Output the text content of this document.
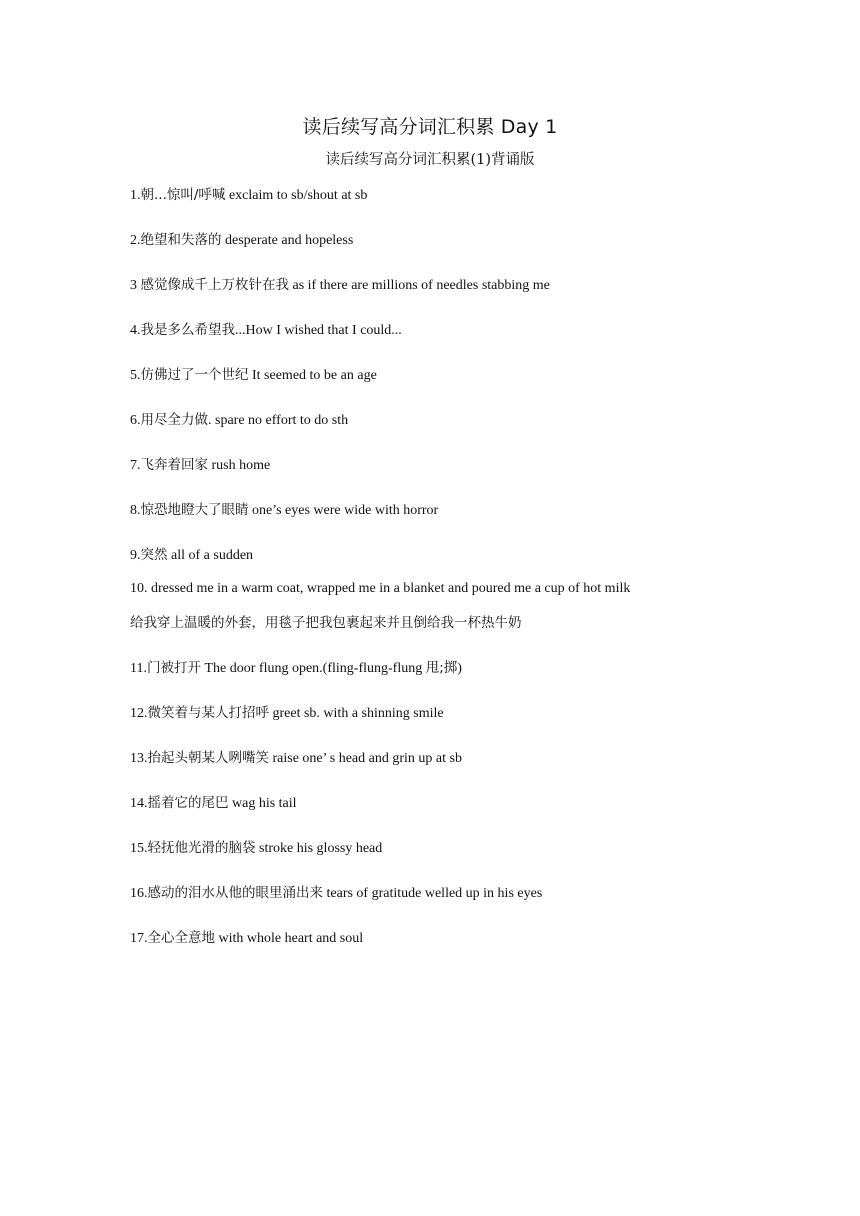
读后续写高分词汇积累 Day 1
读后续写高分词汇积累(1)背诵版
1.朝...惊叫/呼喊 exclaim to sb/shout at sb
2.绝望和失落的 desperate and hopeless
3 感觉像成千上万枚针在我 as if there are millions of needles stabbing me
4.我是多么希望我...How I wished that I could...
5.仿佛过了一个世纪 It seemed to be an age
6.用尽全力做. spare no effort to do sth
7.飞奔着回家 rush home
8.惊恐地瞪大了眼睛 one’s eyes were wide with horror
9.突然 all of a sudden
10. dressed me in a warm coat, wrapped me in a blanket and poured me a cup of hot milk
给我穿上温暖的外套，用毯子把我包裹起来并且倒给我一杯热牛奶
11.门被打开 The door flung open.(fling-flung-flung 甩;掷)
12.微笑着与某人打招呼 greet sb. with a shinning smile
13.抬起头朝某人咧嘴笑 raise one’ s head and grin up at sb
14.摇着它的尾巴 wag his tail
15.轻抚他光滑的脑袋 stroke his glossy head
16.感动的泪水从他的眼里涌出来 tears of gratitude welled up in his eyes
17.全心全意地 with whole heart and soul
